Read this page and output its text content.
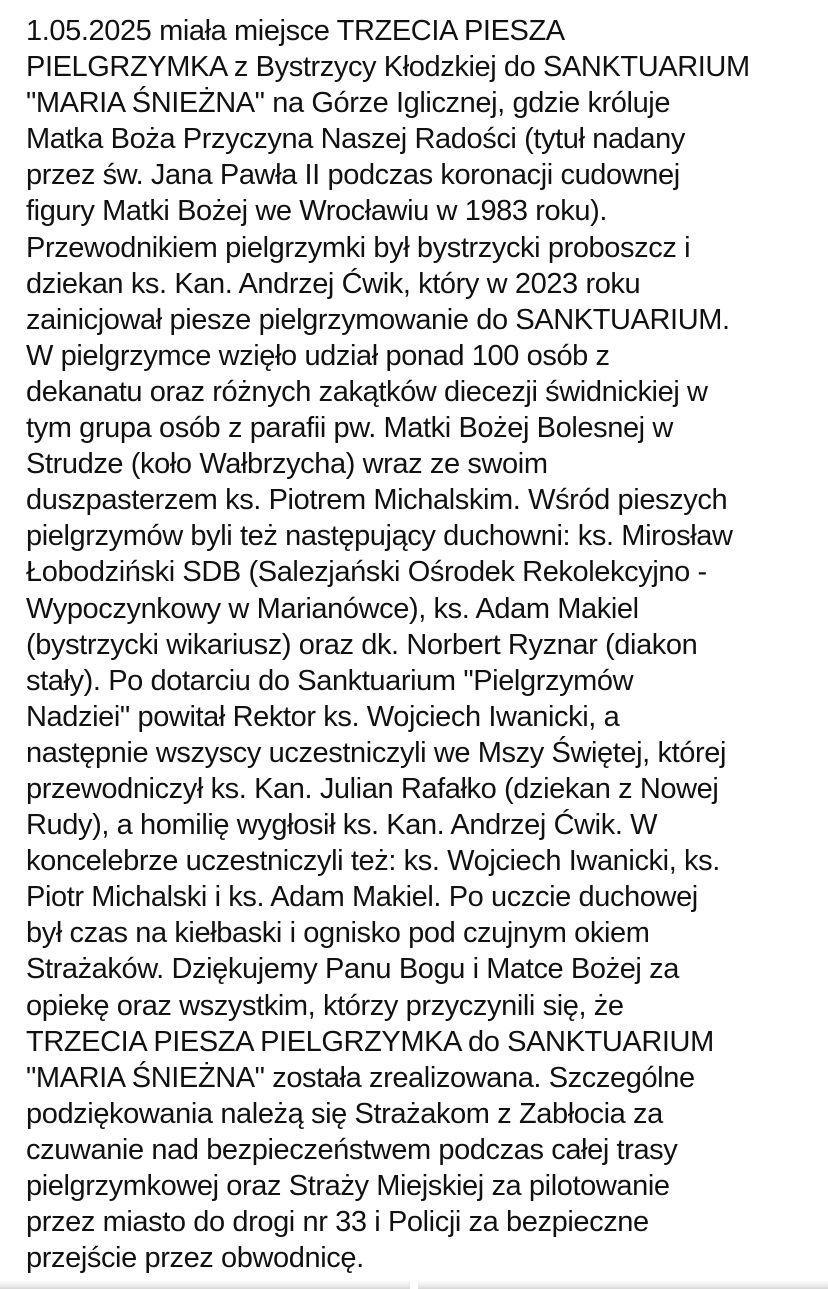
1.05.2025 miała miejsce TRZECIA PIESZA
PIELGRZYMKA z Bystrzycy Kłodzkiej do SANKTUARIUM
"MARIA ŚNIEŻNA" na Górze Iglicznej, gdzie króluje
Matka Boża Przyczyna Naszej Radości (tytuł nadany
przez św. Jana Pawła II podczas koronacji cudownej
figury Matki Bożej we Wrocławiu w 1983 roku).
Przewodnikiem pielgrzymki był bystrzycki proboszcz i
dziekan ks. Kan. Andrzej Ćwik, który w 2023 roku
zainicjował piesze pielgrzymowanie do SANKTUARIUM.
W pielgrzymce wzięło udział ponad 100 osób z
dekanatu oraz różnych zakątków diecezji świdnickiej w
tym grupa osób z parafii pw. Matki Bożej Bolesnej w
Strudze (koło Wałbrzycha) wraz ze swoim
duszpasterzem ks. Piotrem Michalskim. Wśród pieszych
pielgrzymów byli też następujący duchowni: ks. Mirosław
Łobodziński SDB (Salezjański Ośrodek Rekolekcyjno -
Wypoczynkowy w Marianówce), ks. Adam Makiel
(bystrzycki wikariusz) oraz dk. Norbert Ryznar (diakon
stały). Po dotarciu do Sanktuarium "Pielgrzymów
Nadziei" powitał Rektor ks. Wojciech Iwanicki, a
następnie wszyscy uczestniczyli we Mszy Świętej, której
przewodniczył ks. Kan. Julian Rafałko (dziekan z Nowej
Rudy), a homilię wygłosił ks. Kan. Andrzej Ćwik. W
koncelebrze uczestniczyli też: ks. Wojciech Iwanicki, ks.
Piotr Michalski i ks. Adam Makiel. Po uczcie duchowej
był czas na kiełbaski i ognisko pod czujnym okiem
Strażaków. Dziękujemy Panu Bogu i Matce Bożej za
opiekę oraz wszystkim, którzy przyczynili się, że
TRZECIA PIESZA PIELGRZYMKA do SANKTUARIUM
"MARIA ŚNIEŻNA" została zrealizowana. Szczególne
podziękowania należą się Strażakom z Zabłocia za
czuwanie nad bezpieczeństwem podczas całej trasy
pielgrzymkowej oraz Straży Miejskiej za pilotowanie
przez miasto do drogi nr 33 i Policji za bezpieczne
przejście przez obwodnicę.
